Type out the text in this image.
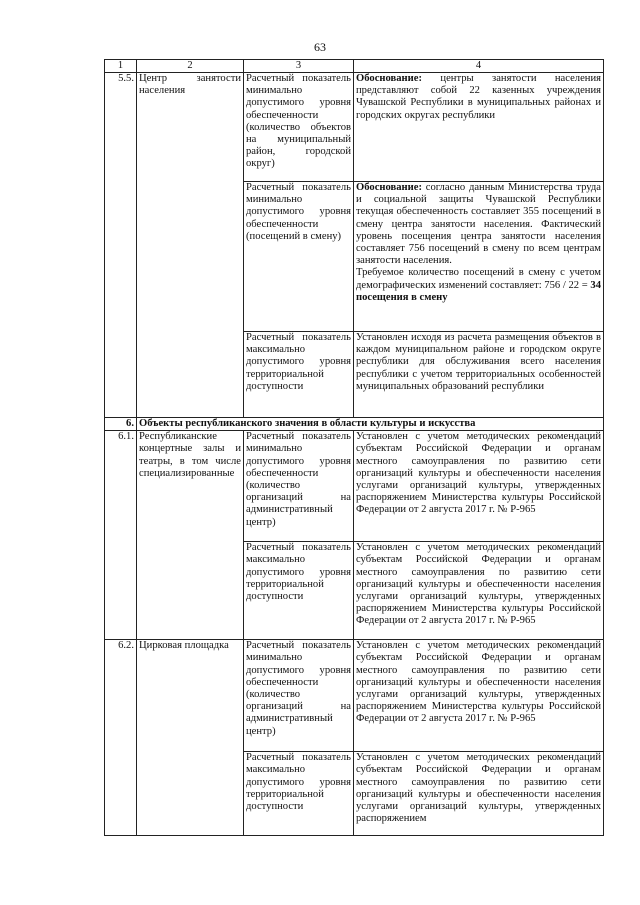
63
1	2	3	4
5.5.	Центр занятости населения	Расчетный показатель минимально допустимого уровня обеспеченности (количество объектов на муниципальный район, городской округ)	Обоснование: центры занятости населения представляют собой 22 казенных учреждения Чувашской Республики в муниципальных районах и городских округах республики
		Расчетный показатель минимально допустимого уровня обеспеченности (посещений в смену)	Обоснование: согласно данным Министерства труда и социальной защиты Чувашской Республики текущая обеспеченность составляет 355 посещений в смену центра занятости населения. Фактический уровень посещения центра занятости населения составляет 756 посещений в смену по всем центрам занятости населения.
Требуемое количество посещений в смену с учетом демографических изменений составляет: 756 / 22 = 34 посещения в смену

		Расчетный показатель максимально допустимого уровня территориальной доступности	Установлен исходя из расчета размещения объектов в каждом муниципальном районе и городском округе республики для обслуживания всего населения республики с учетом территориальных особенностей муниципальных образований республики
6.	Объекты республиканского значения в области культуры и искусства		
6.1.	Республиканские концертные залы и театры, в том числе специализированные	Расчетный показатель минимально допустимого уровня обеспеченности (количество организаций на административный центр)	Установлен с учетом методических рекомендаций субъектам Российской Федерации и органам местного самоуправления по развитию сети организаций культуры и обеспеченности населения услугами организаций культуры, утвержденных распоряжением Министерства культуры Российской Федерации от 2 августа 2017 г. № Р-965
		Расчетный показатель максимально допустимого уровня территориальной доступности	Установлен с учетом методических рекомендаций субъектам Российской Федерации и органам местного самоуправления по развитию сети организаций культуры и обеспеченности населения услугами организаций культуры, утвержденных распоряжением Министерства культуры Российской Федерации от 2 августа 2017 г. № Р-965
6.2.	Цирковая площадка	Расчетный показатель минимально допустимого уровня обеспеченности (количество организаций на административный центр)	Установлен с учетом методических рекомендаций субъектам Российской Федерации и органам местного самоуправления по развитию сети организаций культуры и обеспеченности населения услугами организаций культуры, утвержденных распоряжением Министерства культуры Российской Федерации от 2 августа 2017 г. № Р-965
		Расчетный показатель максимально допустимого уровня территориальной доступности	Установлен с учетом методических рекомендаций субъектам Российской Федерации и органам местного самоуправления по развитию сети организаций культуры и обеспеченности населения услугами организаций культуры, утвержденных распоряжением
